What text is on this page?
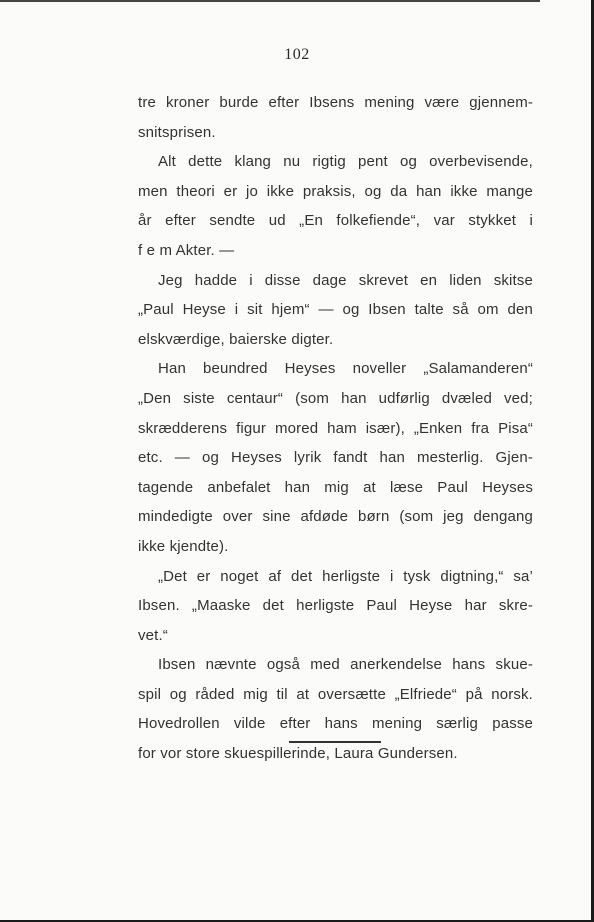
102
tre kroner burde efter Ibsens mening være gjennem-
snitsprisen.
Alt dette klang nu rigtig pent og overbevisende,
men theori er jo ikke praksis, og da han ikke mange
år efter sendte ud „En folkefiende“, var stykket i
f e m Akter. —
Jeg hadde i disse dage skrevet en liden skitse
„Paul Heyse i sit hjem“ — og Ibsen talte så om den
elskværdige, baierske digter.
Han beundred Heyses noveller „Salamanderen“
„Den siste centaur“ (som han udførlig dvæled ved;
skrædderens figur mored ham især), „Enken fra Pisa“
etc. — og Heyses lyrik fandt han mesterlig. Gjen-
tagende anbefalet han mig at læse Paul Heyses
mindedigte over sine afdøde børn (som jeg dengang
ikke kjendte).
„Det er noget af det herligste i tysk digtning,“ sa’
Ibsen. „Maaske det herligste Paul Heyse har skre-
vet.“
Ibsen nævnte også med anerkendelse hans skue-
spil og råded mig til at oversætte „Elfriede“ på norsk.
Hovedrollen vilde efter hans mening særlig passe
for vor store skuespillerinde, Laura Gundersen.
